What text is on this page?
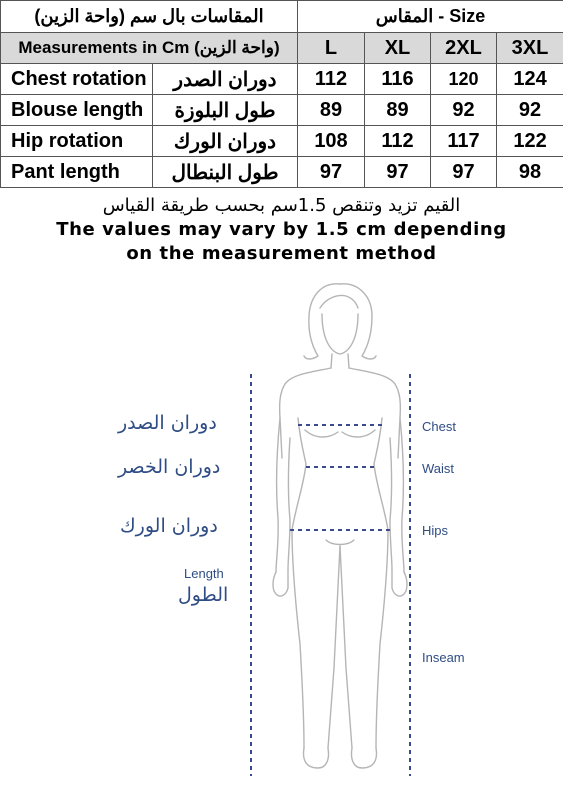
المقاسات بال سم (واحة الزين)		Size - المقاس			
Measurements in Cm (واحة الزين)		L	XL	2XL	3XL
Chest rotation	دوران الصدر	112	116	120	124
Blouse length	طول البلوزة	89	89	92	92
Hip rotation	دوران الورك	108	112	117	122
Pant length	طول البنطال	97	97	97	98
القيم تزيد وتنقص 1.5سم بحسب طريقة القياس
The values may vary by 1.5 cm depending
on the measurement method
دوران الصدر
دوران الخصر
دوران الورك
Length
الطول
Chest
Waist
Hips
Inseam
